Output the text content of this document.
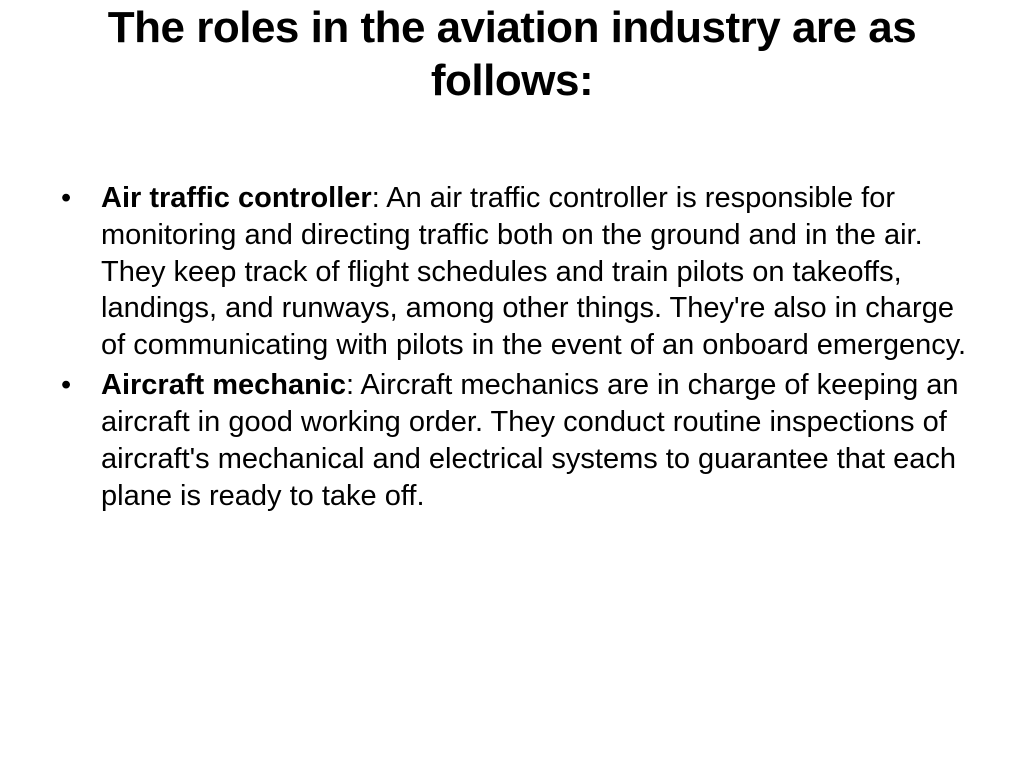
The roles in the aviation industry are as follows:
• Air traffic controller: An air traffic controller is responsible for monitoring and directing traffic both on the ground and in the air. They keep track of flight schedules and train pilots on takeoffs, landings, and runways, among other things. They're also in charge of communicating with pilots in the event of an onboard emergency.
• Aircraft mechanic: Aircraft mechanics are in charge of keeping an aircraft in good working order. They conduct routine inspections of aircraft's mechanical and electrical systems to guarantee that each plane is ready to take off.
